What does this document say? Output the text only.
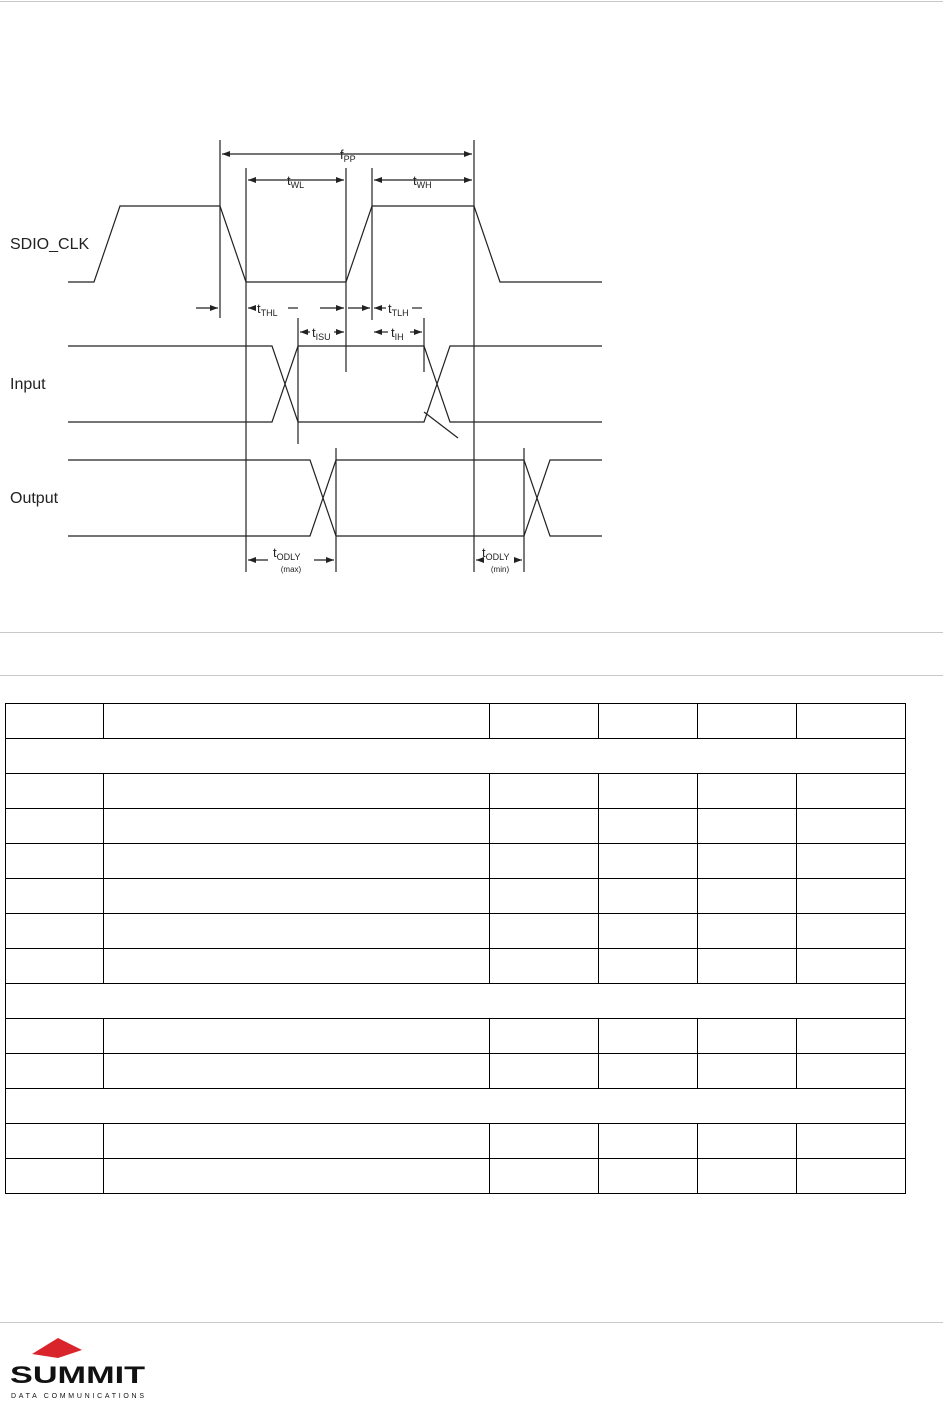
SDIO_CLK
Input
Output
$f_{PP}$
$t_{WL}$	$t_{WH}$
$t_{THL}$	$t_{TLH}$
$t_{ISU}$	$t_{IH}$
$t_{ODLY}$
(max)
$t_{ODLY}$
(min)

SUMMIT
DATA COMMUNICATIONS
